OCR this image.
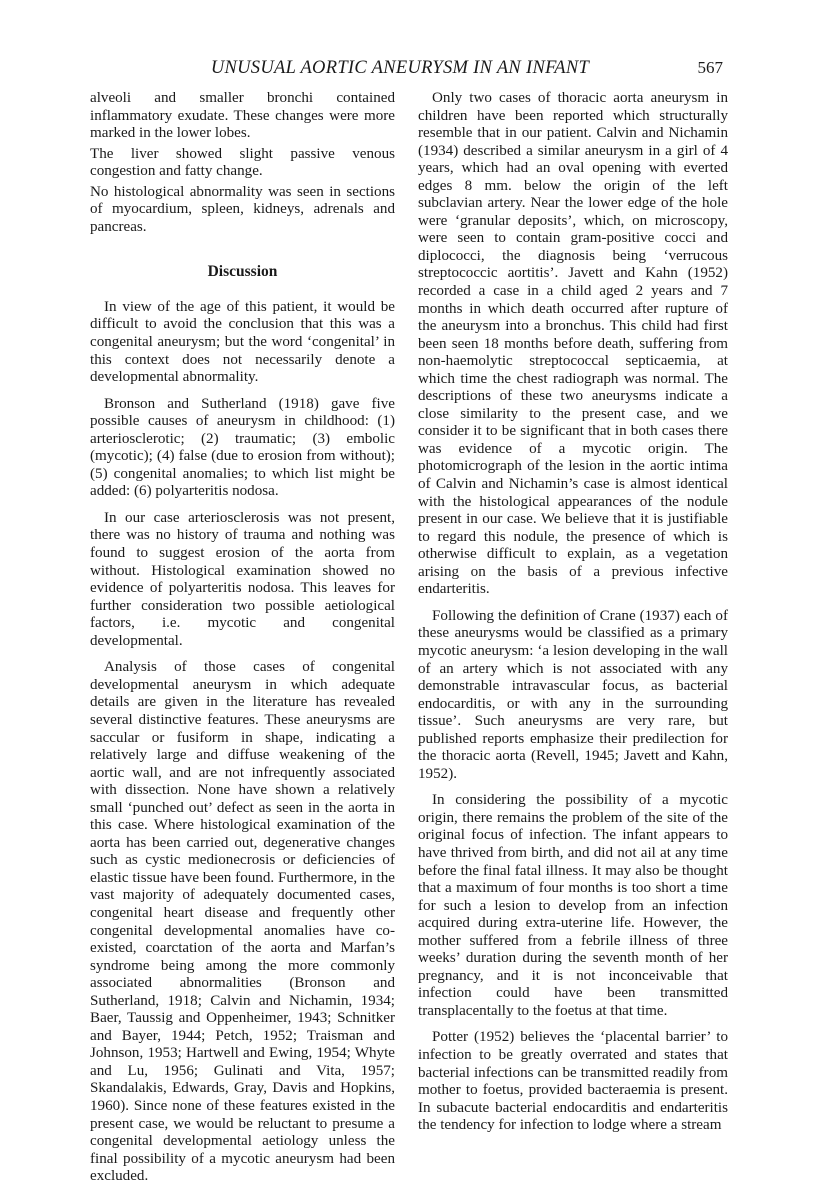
UNUSUAL AORTIC ANEURYSM IN AN INFANT	567

alveoli and smaller bronchi contained inflammatory exudate. These changes were more marked in the lower lobes.

The liver showed slight passive venous congestion and fatty change.

No histological abnormality was seen in sections of myocardium, spleen, kidneys, adrenals and pancreas.

Discussion

In view of the age of this patient, it would be difficult to avoid the conclusion that this was a congenital aneurysm; but the word ‘congenital’ in this context does not necessarily denote a developmental abnormality.

Bronson and Sutherland (1918) gave five possible causes of aneurysm in childhood: (1) arteriosclerotic; (2) traumatic; (3) embolic (mycotic); (4) false (due to erosion from without); (5) congenital anomalies; to which list might be added: (6) polyarteritis nodosa.

In our case arteriosclerosis was not present, there was no history of trauma and nothing was found to suggest erosion of the aorta from without. Histological examination showed no evidence of polyarteritis nodosa. This leaves for further consideration two possible aetiological factors, i.e. mycotic and congenital developmental.

Analysis of those cases of congenital developmental aneurysm in which adequate details are given in the literature has revealed several distinctive features. These aneurysms are saccular or fusiform in shape, indicating a relatively large and diffuse weakening of the aortic wall, and are not infrequently associated with dissection. None have shown a relatively small ‘punched out’ defect as seen in the aorta in this case. Where histological examination of the aorta has been carried out, degenerative changes such as cystic medionecrosis or deficiencies of elastic tissue have been found. Furthermore, in the vast majority of adequately documented cases, congenital heart disease and frequently other congenital developmental anomalies have co-existed, coarctation of the aorta and Marfan’s syndrome being among the more commonly associated abnormalities (Bronson and Sutherland, 1918; Calvin and Nichamin, 1934; Baer, Taussig and Oppenheimer, 1943; Schnitker and Bayer, 1944; Petch, 1952; Traisman and Johnson, 1953; Hartwell and Ewing, 1954; Whyte and Lu, 1956; Gulinati and Vita, 1957; Skandalakis, Edwards, Gray, Davis and Hopkins, 1960). Since none of these features existed in the present case, we would be reluctant to presume a congenital developmental aetiology unless the final possibility of a mycotic aneurysm had been excluded.

Only two cases of thoracic aorta aneurysm in children have been reported which structurally resemble that in our patient. Calvin and Nichamin (1934) described a similar aneurysm in a girl of 4 years, which had an oval opening with everted edges 8 mm. below the origin of the left subclavian artery. Near the lower edge of the hole were ‘granular deposits’, which, on microscopy, were seen to contain gram-positive cocci and diplococci, the diagnosis being ‘verrucous streptococcic aortitis’. Javett and Kahn (1952) recorded a case in a child aged 2 years and 7 months in which death occurred after rupture of the aneurysm into a bronchus. This child had first been seen 18 months before death, suffering from non-haemolytic streptococcal septicaemia, at which time the chest radiograph was normal. The descriptions of these two aneurysms indicate a close similarity to the present case, and we consider it to be significant that in both cases there was evidence of a mycotic origin. The photomicrograph of the lesion in the aortic intima of Calvin and Nichamin’s case is almost identical with the histological appearances of the nodule present in our case. We believe that it is justifiable to regard this nodule, the presence of which is otherwise difficult to explain, as a vegetation arising on the basis of a previous infective endarteritis.

Following the definition of Crane (1937) each of these aneurysms would be classified as a primary mycotic aneurysm: ‘a lesion developing in the wall of an artery which is not associated with any demonstrable intravascular focus, as bacterial endocarditis, or with any in the surrounding tissue’. Such aneurysms are very rare, but published reports emphasize their predilection for the thoracic aorta (Revell, 1945; Javett and Kahn, 1952).

In considering the possibility of a mycotic origin, there remains the problem of the site of the original focus of infection. The infant appears to have thrived from birth, and did not ail at any time before the final fatal illness. It may also be thought that a maximum of four months is too short a time for such a lesion to develop from an infection acquired during extra-uterine life. However, the mother suffered from a febrile illness of three weeks’ duration during the seventh month of her pregnancy, and it is not inconceivable that infection could have been transmitted transplacentally to the foetus at that time.

Potter (1952) believes the ‘placental barrier’ to infection to be greatly overrated and states that bacterial infections can be transmitted readily from mother to foetus, provided bacteraemia is present. In subacute bacterial endocarditis and endarteritis the tendency for infection to lodge where a stream
